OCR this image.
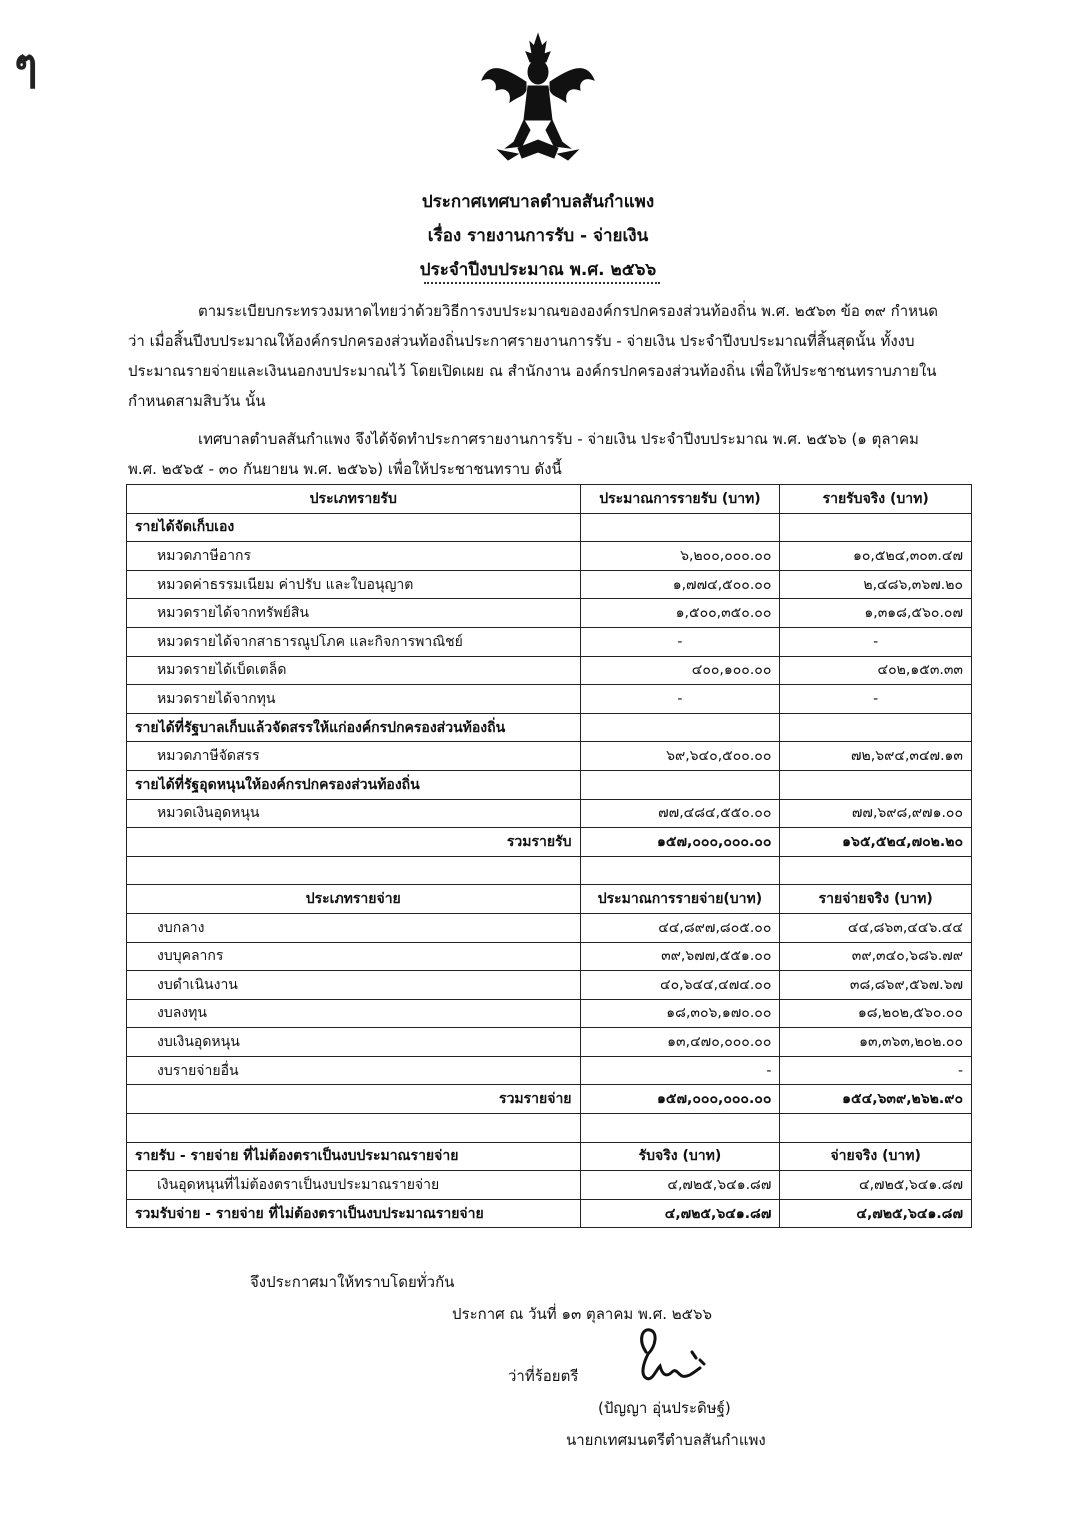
ๆ
ประกาศเทศบาลตำบลสันกำแพง
เรื่อง รายงานการรับ - จ่ายเงิน
ประจำปีงบประมาณ พ.ศ. ๒๕๖๖
ตามระเบียบกระทรวงมหาดไทยว่าด้วยวิธีการงบประมาณขององค์กรปกครองส่วนท้องถิ่น พ.ศ. ๒๕๖๓ ข้อ ๓๙ กำหนดว่า เมื่อสิ้นปีงบประมาณให้องค์กรปกครองส่วนท้องถิ่นประกาศรายงานการรับ - จ่ายเงิน ประจำปีงบประมาณที่สิ้นสุดนั้น ทั้งงบประมาณรายจ่ายและเงินนอกงบประมาณไว้ โดยเปิดเผย ณ สำนักงาน องค์กรปกครองส่วนท้องถิ่น เพื่อให้ประชาชนทราบภายในกำหนดสามสิบวัน นั้น
เทศบาลตำบลสันกำแพง จึงได้จัดทำประกาศรายงานการรับ - จ่ายเงิน ประจำปีงบประมาณ พ.ศ. ๒๕๖๖ (๑ ตุลาคม พ.ศ. ๒๕๖๕ - ๓๐ กันยายน พ.ศ. ๒๕๖๖) เพื่อให้ประชาชนทราบ ดังนี้
ประเภทรายรับ	ประมาณการรายรับ (บาท)	รายรับจริง (บาท)
รายได้จัดเก็บเอง		
หมวดภาษีอากร	๖,๒๐๐,๐๐๐.๐๐	๑๐,๕๒๔,๓๐๓.๔๗
หมวดค่าธรรมเนียม ค่าปรับ และใบอนุญาต	๑,๗๗๔,๕๐๐.๐๐	๒,๔๘๖,๓๖๗.๒๐
หมวดรายได้จากทรัพย์สิน	๑,๕๐๐,๓๕๐.๐๐	๑,๓๑๘,๕๖๐.๐๗
หมวดรายได้จากสาธารณูปโภค และกิจการพาณิชย์	-	-
หมวดรายได้เบ็ดเตล็ด	๔๐๐,๑๐๐.๐๐	๔๐๒,๑๕๓.๓๓
หมวดรายได้จากทุน	-	-
รายได้ที่รัฐบาลเก็บแล้วจัดสรรให้แก่องค์กรปกครองส่วนท้องถิ่น		
หมวดภาษีจัดสรร	๖๙,๖๔๐,๕๐๐.๐๐	๗๒,๖๙๔,๓๔๗.๑๓
รายได้ที่รัฐอุดหนุนให้องค์กรปกครองส่วนท้องถิ่น		
หมวดเงินอุดหนุน	๗๗,๔๘๔,๕๕๐.๐๐	๗๗,๖๙๘,๙๗๑.๐๐
รวมรายรับ	๑๕๗,๐๐๐,๐๐๐.๐๐	๑๖๕,๕๒๔,๗๐๒.๒๐

ประเภทรายจ่าย	ประมาณการรายจ่าย(บาท)	รายจ่ายจริง (บาท)
งบกลาง	๔๔,๘๙๗,๘๐๕.๐๐	๔๔,๘๖๓,๔๔๖.๔๔
งบบุคลากร	๓๙,๖๗๗,๕๕๑.๐๐	๓๙,๓๔๐,๖๘๖.๗๙
งบดำเนินงาน	๔๐,๖๔๔,๔๗๔.๐๐	๓๘,๘๖๙,๕๖๗.๖๗
งบลงทุน	๑๘,๓๐๖,๑๗๐.๐๐	๑๘,๒๐๒,๕๖๐.๐๐
งบเงินอุดหนุน	๑๓,๔๗๐,๐๐๐.๐๐	๑๓,๓๖๓,๒๐๒.๐๐
งบรายจ่ายอื่น	-	-
รวมรายจ่าย	๑๕๗,๐๐๐,๐๐๐.๐๐	๑๕๔,๖๓๙,๒๖๒.๙๐

รายรับ - รายจ่าย ที่ไม่ต้องตราเป็นงบประมาณรายจ่าย	รับจริง (บาท)	จ่ายจริง (บาท)
เงินอุดหนุนที่ไม่ต้องตราเป็นงบประมาณรายจ่าย	๔,๗๒๕,๖๔๑.๘๗	๔,๗๒๕,๖๔๑.๘๗
รวมรับจ่าย - รายจ่าย ที่ไม่ต้องตราเป็นงบประมาณรายจ่าย	๔,๗๒๕,๖๔๑.๘๗	๔,๗๒๕,๖๔๑.๘๗
จึงประกาศมาให้ทราบโดยทั่วกัน
ประกาศ ณ วันที่ ๑๓ ตุลาคม พ.ศ. ๒๕๖๖
ว่าที่ร้อยตรี
(ปัญญา อุ่นประดิษฐ์)
นายกเทศมนตรีตำบลสันกำแพง
